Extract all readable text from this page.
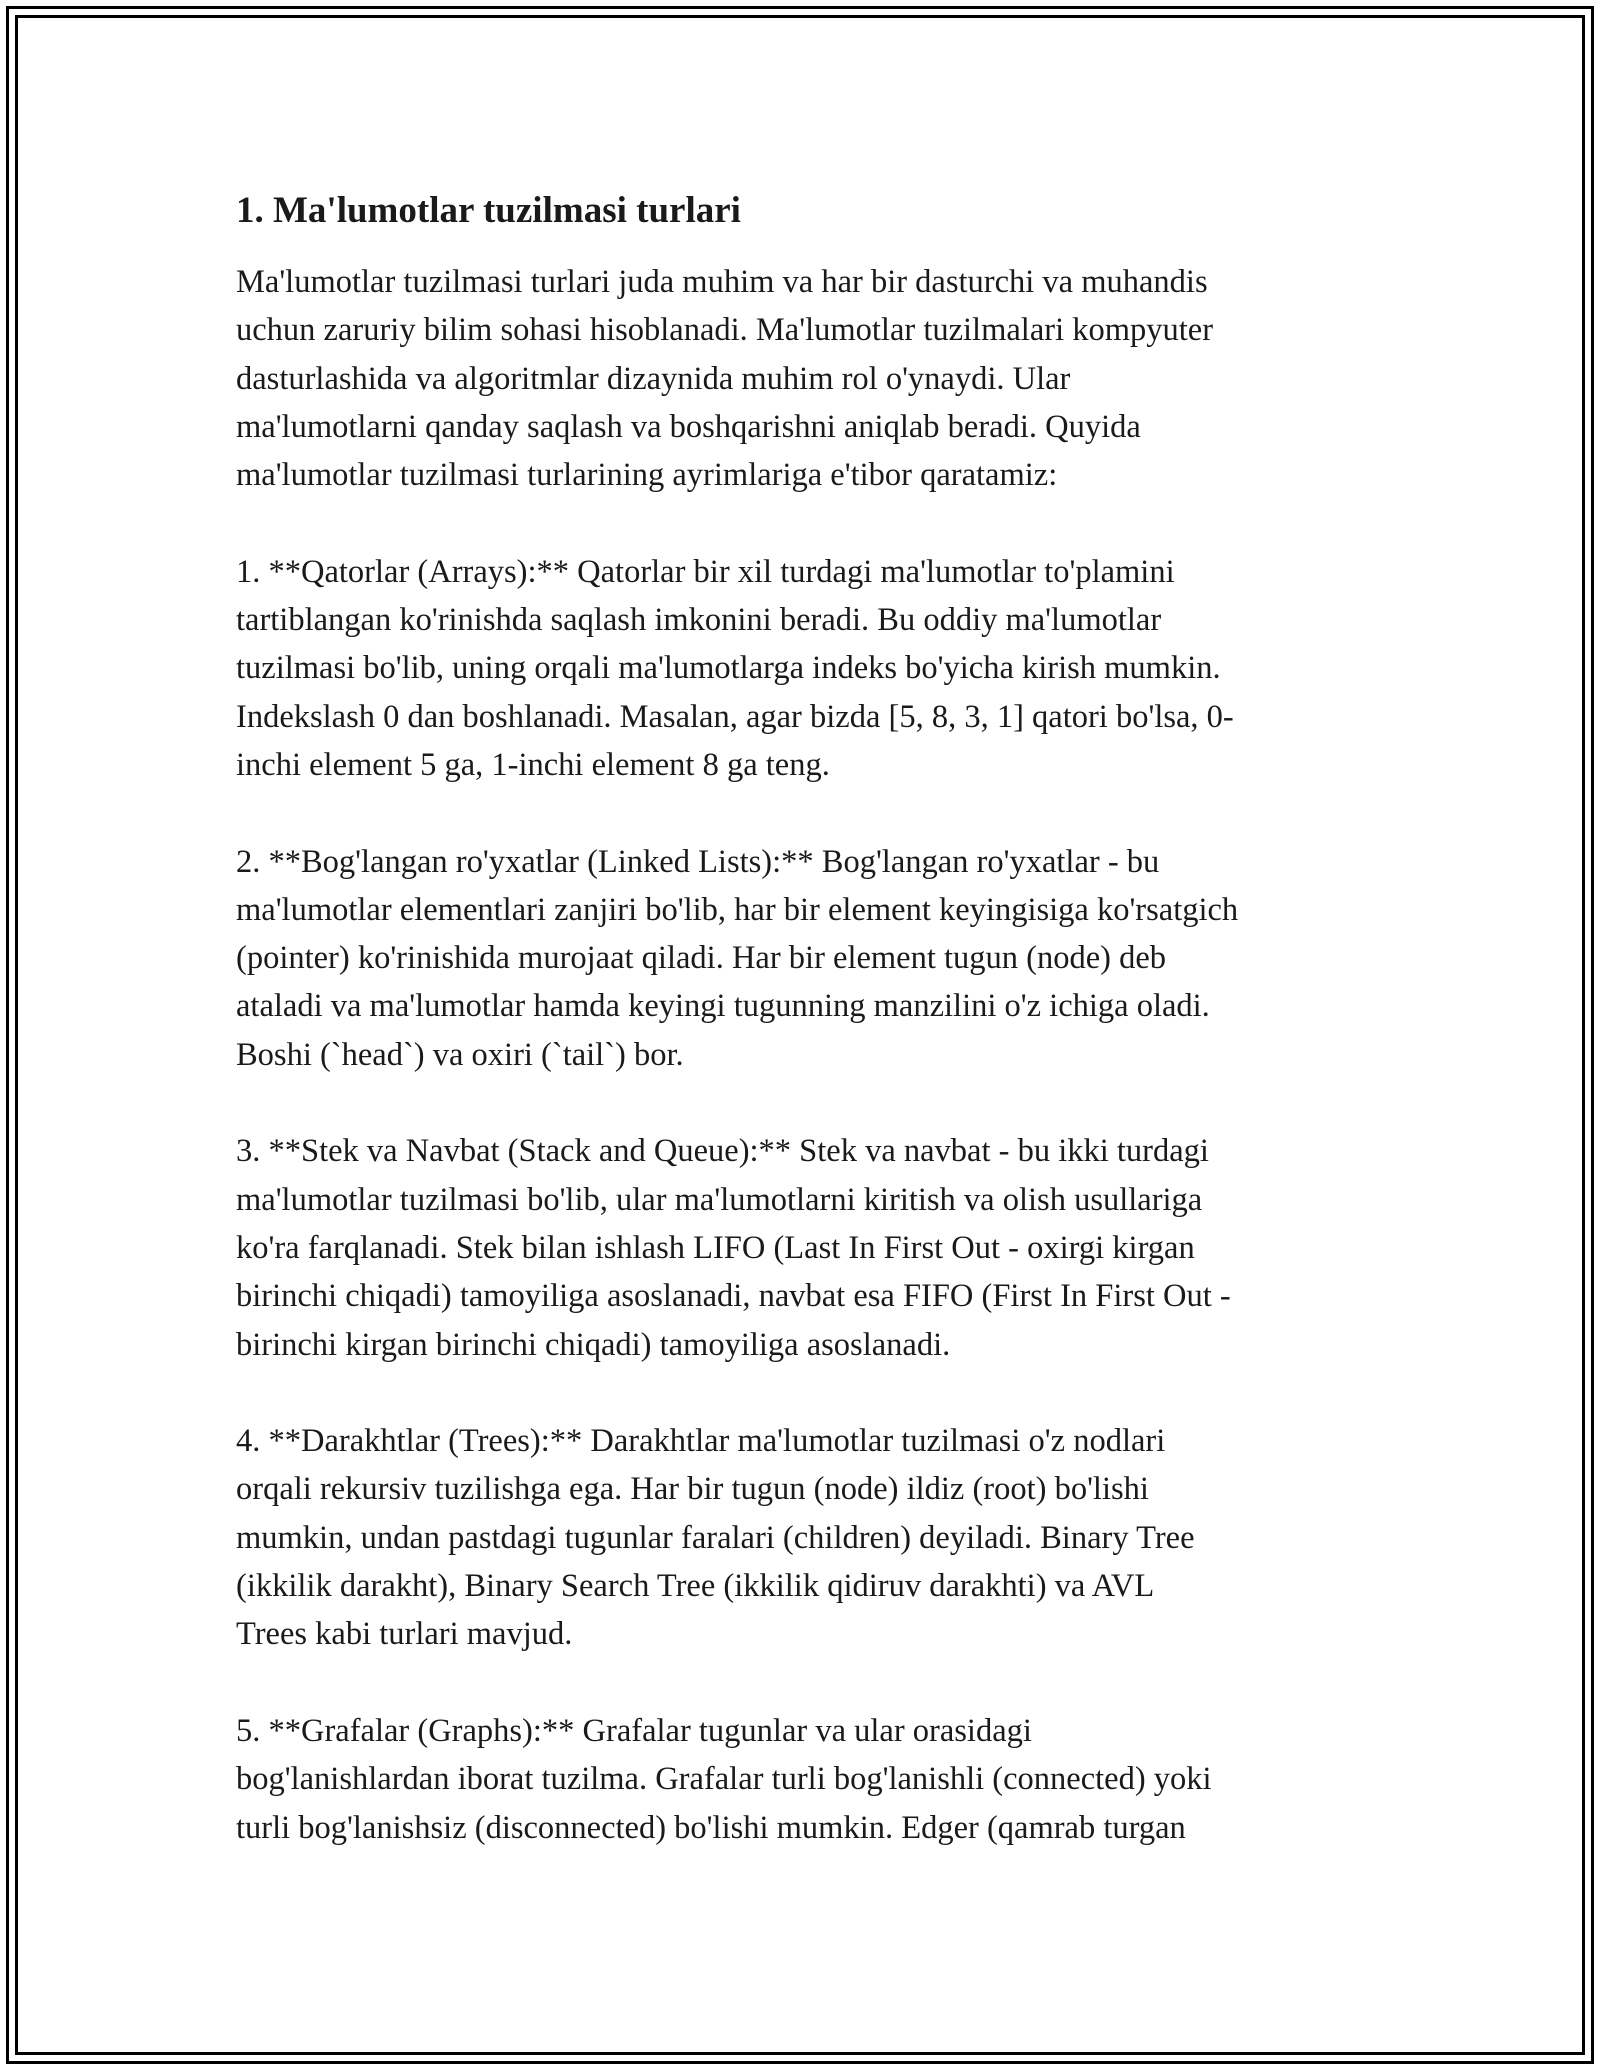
1. Ma'lumotlar tuzilmasi turlari
Ma'lumotlar tuzilmasi turlari juda muhim va har bir dasturchi va muhandis
uchun zaruriy bilim sohasi hisoblanadi. Ma'lumotlar tuzilmalari kompyuter
dasturlashida va algoritmlar dizaynida muhim rol o'ynaydi. Ular
ma'lumotlarni qanday saqlash va boshqarishni aniqlab beradi. Quyida
ma'lumotlar tuzilmasi turlarining ayrimlariga e'tibor qaratamiz:
1. **Qatorlar (Arrays):** Qatorlar bir xil turdagi ma'lumotlar to'plamini
tartiblangan ko'rinishda saqlash imkonini beradi. Bu oddiy ma'lumotlar
tuzilmasi bo'lib, uning orqali ma'lumotlarga indeks bo'yicha kirish mumkin.
Indekslash 0 dan boshlanadi. Masalan, agar bizda [5, 8, 3, 1] qatori bo'lsa, 0-
inchi element 5 ga, 1-inchi element 8 ga teng.
2. **Bog'langan ro'yxatlar (Linked Lists):** Bog'langan ro'yxatlar - bu
ma'lumotlar elementlari zanjiri bo'lib, har bir element keyingisiga ko'rsatgich
(pointer) ko'rinishida murojaat qiladi. Har bir element tugun (node) deb
ataladi va ma'lumotlar hamda keyingi tugunning manzilini o'z ichiga oladi.
Boshi (`head`) va oxiri (`tail`) bor.
3. **Stek va Navbat (Stack and Queue):** Stek va navbat - bu ikki turdagi
ma'lumotlar tuzilmasi bo'lib, ular ma'lumotlarni kiritish va olish usullariga
ko'ra farqlanadi. Stek bilan ishlash LIFO (Last In First Out - oxirgi kirgan
birinchi chiqadi) tamoyiliga asoslanadi, navbat esa FIFO (First In First Out -
birinchi kirgan birinchi chiqadi) tamoyiliga asoslanadi.
4. **Darakhtlar (Trees):** Darakhtlar ma'lumotlar tuzilmasi o'z nodlari
orqali rekursiv tuzilishga ega. Har bir tugun (node) ildiz (root) bo'lishi
mumkin, undan pastdagi tugunlar faralari (children) deyiladi. Binary Tree
(ikkilik darakht), Binary Search Tree (ikkilik qidiruv darakhti) va AVL
Trees kabi turlari mavjud.
5. **Grafalar (Graphs):** Grafalar tugunlar va ular orasidagi
bog'lanishlardan iborat tuzilma. Grafalar turli bog'lanishli (connected) yoki
turli bog'lanishsiz (disconnected) bo'lishi mumkin. Edger (qamrab turgan
